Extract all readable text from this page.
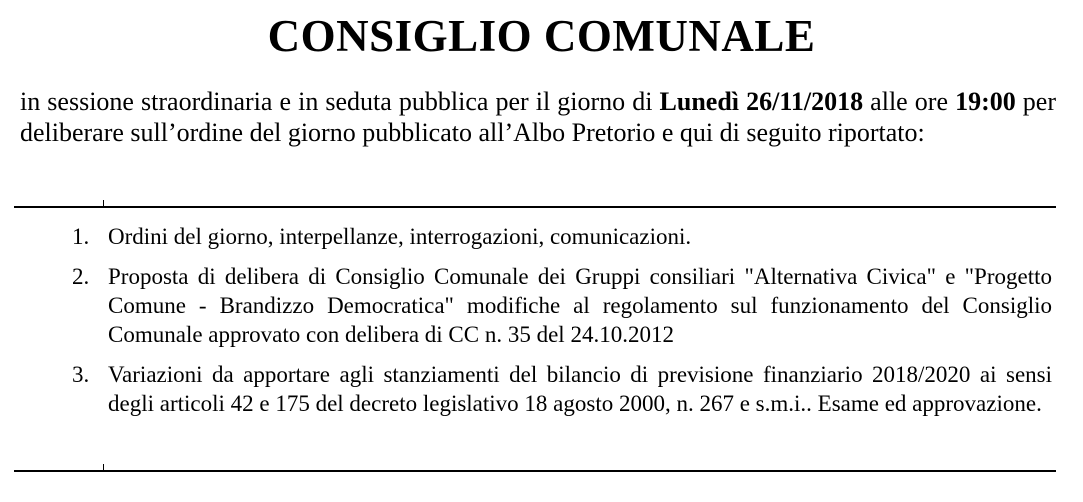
CONSIGLIO COMUNALE

in sessione straordinaria e in seduta pubblica per il giorno di Lunedì 26/11/2018 alle ore 19:00 per deliberare sull’ordine del giorno pubblicato all’Albo Pretorio e qui di seguito riportato:

1. Ordini del giorno, interpellanze, interrogazioni, comunicazioni.
2. Proposta di delibera di Consiglio Comunale dei Gruppi consiliari "Alternativa Civica" e "Progetto Comune - Brandizzo Democratica" modifiche al regolamento sul funzionamento del Consiglio Comunale approvato con delibera di CC n. 35 del 24.10.2012
3. Variazioni da apportare agli stanziamenti del bilancio di previsione finanziario 2018/2020 ai sensi degli articoli 42 e 175 del decreto legislativo 18 agosto 2000, n. 267 e s.m.i.. Esame ed approvazione.
